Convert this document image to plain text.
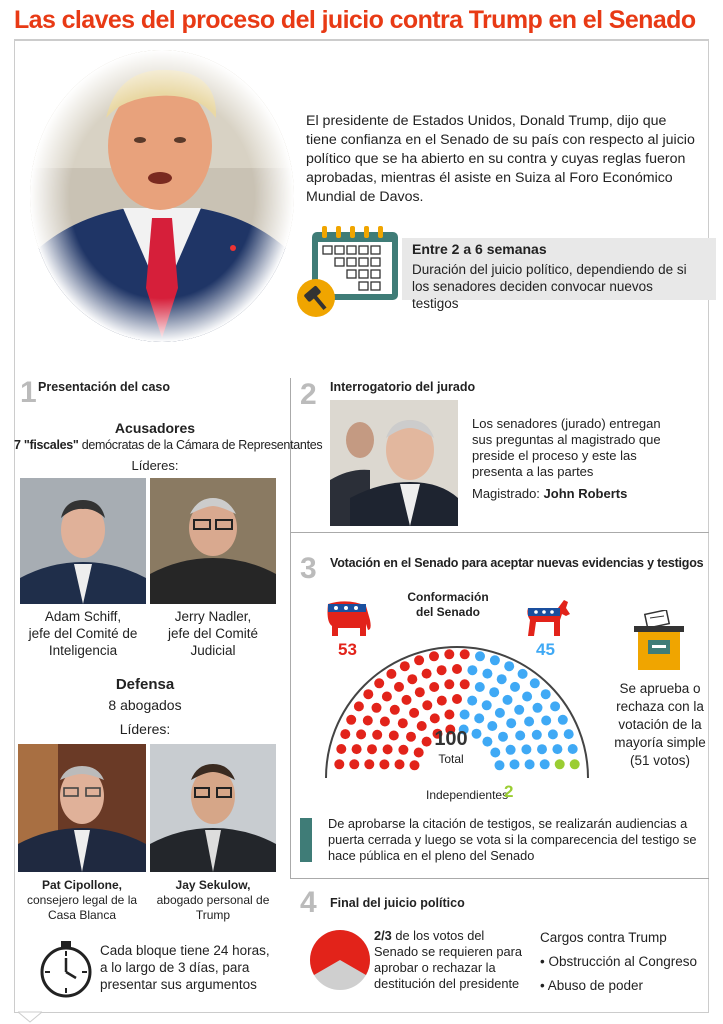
Las claves del proceso del juicio contra Trump en el Senado
El presidente de Estados Unidos, Donald Trump, dijo que tiene confianza en el Senado de su país con respecto al juicio político que se ha abierto en su contra y cuyas reglas fueron aprobadas, mientras él asiste en Suiza al Foro Económico Mundial de Davos.
Entre 2 a 6 semanas
Duración del juicio político, dependiendo de si los senadores deciden convocar nuevos testigos
1 Presentación del caso
Acusadores
7 "fiscales" demócratas de la Cámara de Representantes
Líderes:
Adam Schiff,
jefe del Comité de Inteligencia
Jerry Nadler,
jefe del Comité Judicial
Defensa
8 abogados
Líderes:
Pat Cipollone,
consejero legal de la Casa Blanca
Jay Sekulow,
abogado personal de Trump
Cada bloque tiene 24 horas, a lo largo de 3 días, para presentar sus argumentos
2 Interrogatorio del jurado
Los senadores (jurado) entregan sus preguntas al magistrado que preside el proceso y este las presenta a las partes
Magistrado: John Roberts
3 Votación en el Senado para aceptar nuevas evidencias y testigos
Conformación
del Senado
53	45
100
Total
Independientes
2
Se aprueba o rechaza con la votación de la mayoría simple (51 votos)
De aprobarse la citación de testigos, se realizarán audiencias a puerta cerrada y luego se vota si la comparecencia del testigo se hace pública en el pleno del Senado
4 Final del juicio político
2/3 de los votos del Senado se requieren para aprobar o rechazar la destitución del presidente
Cargos contra Trump
• Obstrucción al Congreso
• Abuso de poder
